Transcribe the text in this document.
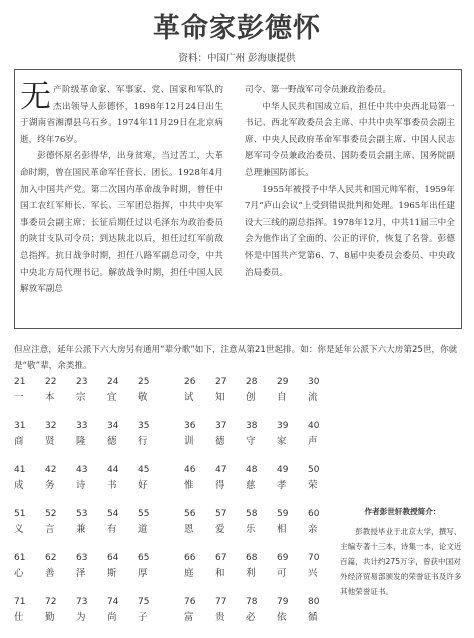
革命家彭德怀
资料：中国广州 彭海康提供

无产阶级革命家、军事家、党、国家和军队的杰出领导人彭德怀，1898年12月24日出生于湖南省湘潭县乌石乡。1974年11月29日在北京病逝，终年76岁。

彭德怀原名彭得华，出身贫寒，当过苦工，大革命时期，曾在国民革命军任营长、团长。1928年4月加入中国共产党。第二次国内革命战争时期，曾任中国工农红军师长、军长、三军团总指挥，中共中央军事委员会副主席；长征后期任过以毛泽东为政治委员的陕甘支队司令员；到达陕北以后，担任过红军前敌总指挥。抗日战争时期，担任八路军副总司令，中共中央北方局代理书记。解放战争时期，担任中国人民解放军副总

司令、第一野战军司令员兼政治委员。

中华人民共和国成立后，担任中共中央西北局第一书记、西北军政委员会主席、中共中央军事委员会副主席、中央人民政府革命军事委员会副主席、中国人民志愿军司令员兼政治委员、国防委员会副主席、国务院副总理兼国防部长。

1955年被授予中华人民共和国元帅军衔，1959年7月“庐山会议”上受到错误批判和处理。1965年出任建设大三线的副总指挥。1978年12月，中共11届三中全会为他作出了全面的、公正的评价，恢复了名誉。彭德怀是中国共产党第6、7、8届中央委员会委员、中央政治局委员。

但应注意，延年公派下六大房另有通用“辈分歌”如下，注意从第21世起排。如：你是延年公派下六大房第25世，你就是“敬”辈，余类推。
21
一
22
本
23
宗
24
宜
25
敬
31
商
32
贤
33
隆
34
德
35
行
41
成
42
务
43
诗
44
书
45
好
51
义
52
言
53
兼
54
有
55
道
61
心
62
善
63
泽
64
斯
65
厚
71
仕
72
勤
73
为
74
尚
75
子
26
试
27
知
28
创
29
自
30
流
36
训
37
德
38
守
39
家
40
声
46
惟
47
得
48
慈
49
孝
50
荣
56
恩
57
爱
58
乐
59
相
60
亲
66
庭
67
和
68
利
69
可
70
兴
76
富
77
贵
78
必
79
依
80
循
作者彭世轩教授简介：

彭教授毕业于北京大学，撰写、主编专著十三本，诗集一本，论文近百篇，共计约275万字，曾获中国对外经济贸易部颁发的荣誉证书及许多其他荣誉证书。
